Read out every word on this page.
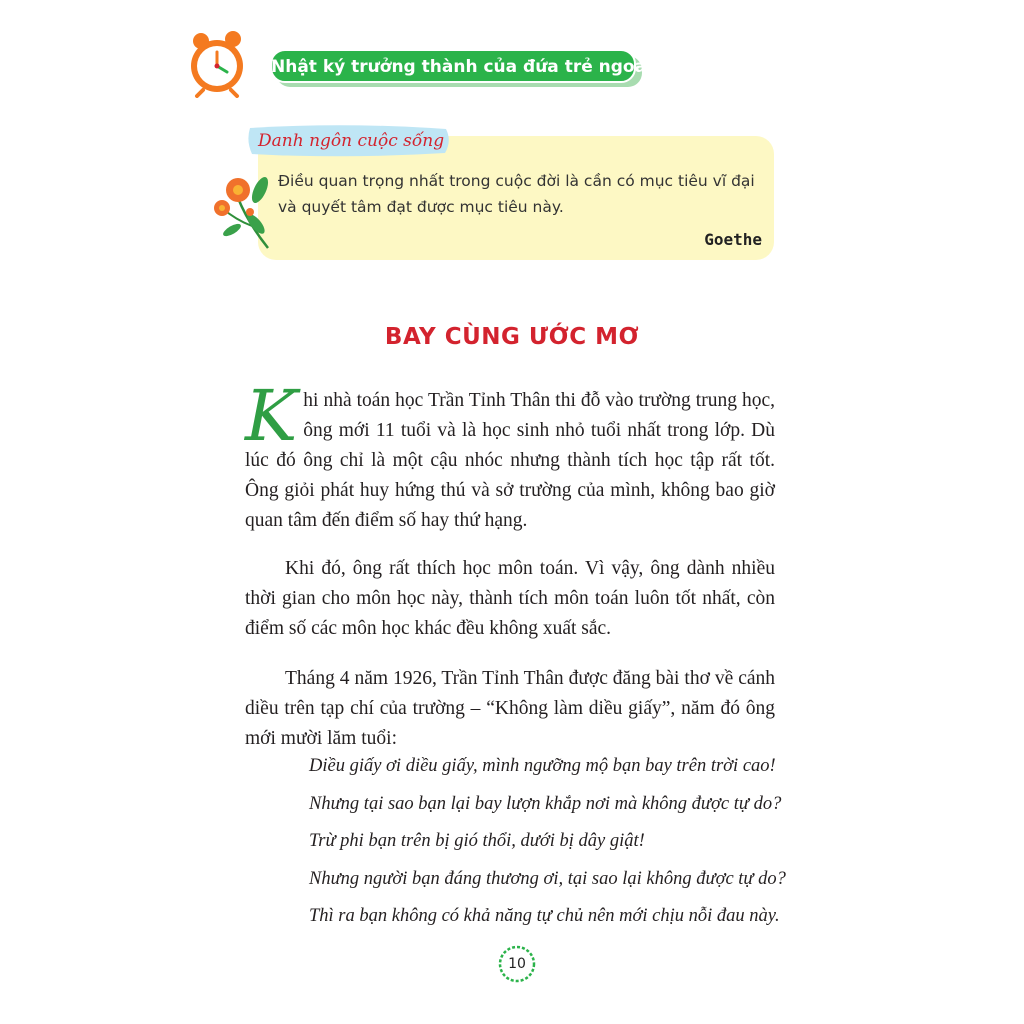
Nhật ký trưởng thành của đứa trẻ ngoan
Danh ngôn cuộc sống
Điều quan trọng nhất trong cuộc đời là cần có mục tiêu vĩ đại
và quyết tâm đạt được mục tiêu này.
Goethe
BAY CÙNG ƯỚC MƠ

Khi nhà toán học Trần Tỉnh Thân thi đỗ vào trường trung học, ông mới 11 tuổi và là học sinh nhỏ tuổi nhất trong lớp. Dù lúc đó ông chỉ là một cậu nhóc nhưng thành tích học tập rất tốt. Ông giỏi phát huy hứng thú và sở trường của mình, không bao giờ quan tâm đến điểm số hay thứ hạng.

Khi đó, ông rất thích học môn toán. Vì vậy, ông dành nhiều thời gian cho môn học này, thành tích môn toán luôn tốt nhất, còn điểm số các môn học khác đều không xuất sắc.

Tháng 4 năm 1926, Trần Tỉnh Thân được đăng bài thơ về cánh diều trên tạp chí của trường – “Không làm diều giấy”, năm đó ông mới mười lăm tuổi:

Diều giấy ơi diều giấy, mình ngưỡng mộ bạn bay trên trời cao!
Nhưng tại sao bạn lại bay lượn khắp nơi mà không được tự do?
Trừ phi bạn trên bị gió thổi, dưới bị dây giật!
Nhưng người bạn đáng thương ơi, tại sao lại không được tự do?
Thì ra bạn không có khả năng tự chủ nên mới chịu nỗi đau này.
10
